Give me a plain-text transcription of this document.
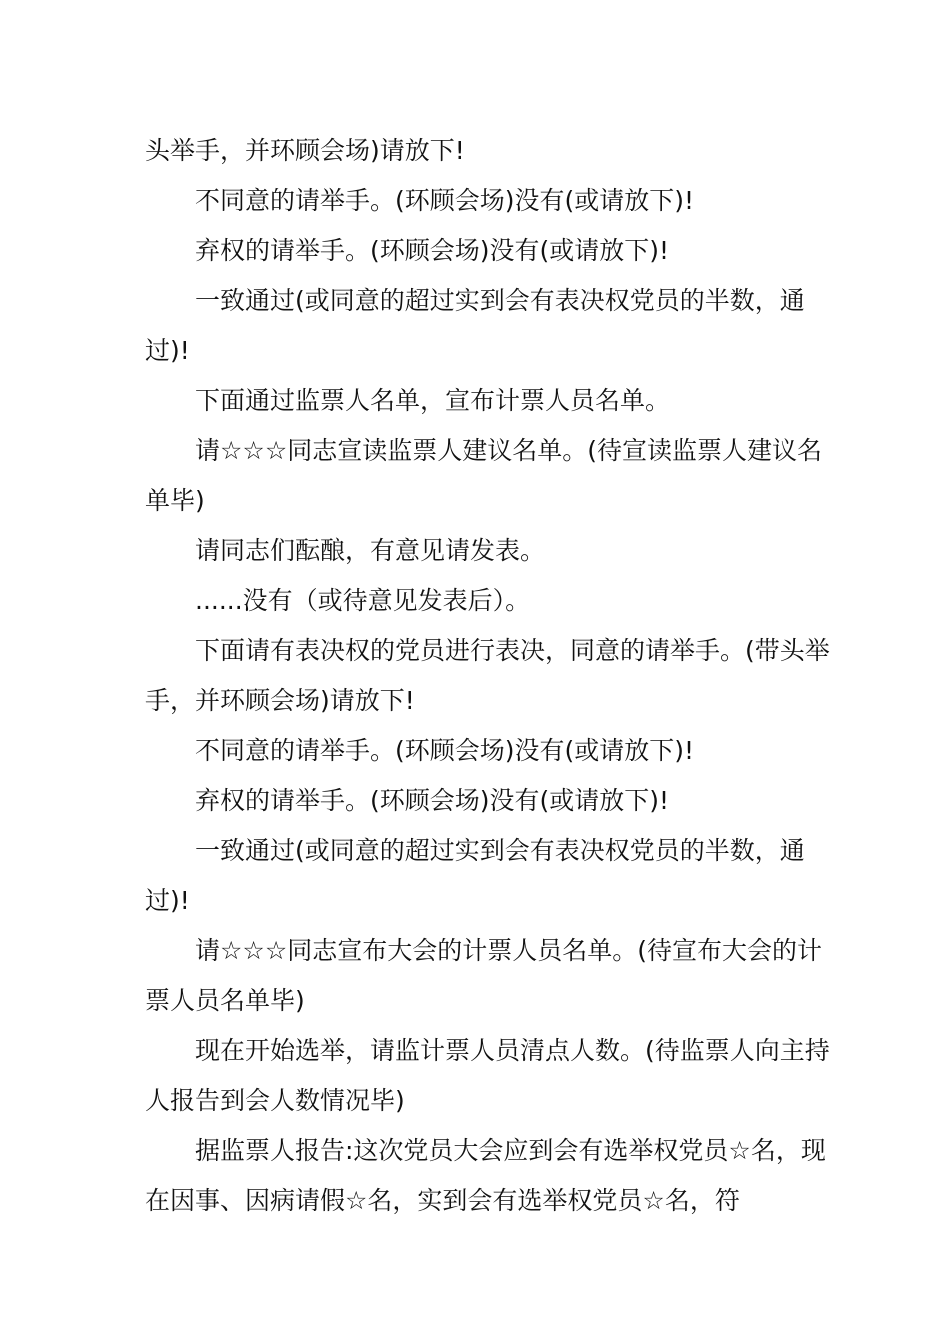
头举手，并环顾会场)请放下!

不同意的请举手。(环顾会场)没有(或请放下)!

弃权的请举手。(环顾会场)没有(或请放下)!

一致通过(或同意的超过实到会有表决权党员的半数，通过)!

下面通过监票人名单，宣布计票人员名单。

请☆☆☆同志宣读监票人建议名单。(待宣读监票人建议名单毕)

请同志们酝酿，有意见请发表。

......没有（或待意见发表后）。

下面请有表决权的党员进行表决，同意的请举手。(带头举手，并环顾会场)请放下!

不同意的请举手。(环顾会场)没有(或请放下)!

弃权的请举手。(环顾会场)没有(或请放下)!

一致通过(或同意的超过实到会有表决权党员的半数，通过)!

请☆☆☆同志宣布大会的计票人员名单。(待宣布大会的计票人员名单毕)

现在开始选举，请监计票人员清点人数。(待监票人向主持人报告到会人数情况毕)

据监票人报告:这次党员大会应到会有选举权党员☆名，现在因事、因病请假☆名，实到会有选举权党员☆名，符
